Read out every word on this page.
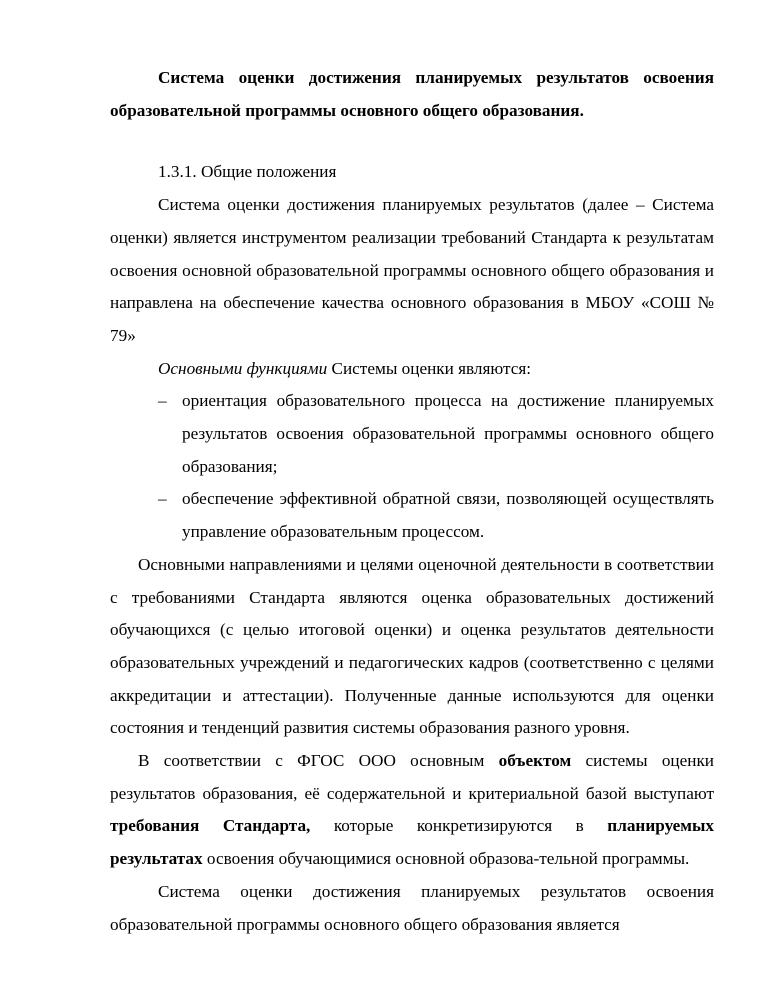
Система оценки достижения планируемых результатов освоения образовательной программы основного общего образования.

1.3.1. Общие положения

Система оценки достижения планируемых результатов (далее – Система оценки) является инструментом реализации требований Стандарта к результатам освоения основной образовательной программы основного общего образования и направлена на обеспечение качества основного образования в МБОУ «СОШ № 79»

Основными функциями Системы оценки являются:

– ориентация образовательного процесса на достижение планируемых результатов освоения образовательной программы основного общего образования;
– обеспечение эффективной обратной связи, позволяющей осуществлять управление образовательным процессом.

Основными направлениями и целями оценочной деятельности в соответствии с требованиями Стандарта являются оценка образовательных достижений обучающихся (с целью итоговой оценки) и оценка результатов деятельности образовательных учреждений и педагогических кадров (соответственно с целями аккредитации и аттестации). Полученные данные используются для оценки состояния и тенденций развития системы образования разного уровня.

В соответствии с ФГОС ООО основным объектом системы оценки результатов образования, её содержательной и критериальной базой выступают требования Стандарта, которые конкретизируются в планируемых результатах освоения обучающимися основной образова-тельной программы.

Система оценки достижения планируемых результатов освоения образовательной программы основного общего образования является
